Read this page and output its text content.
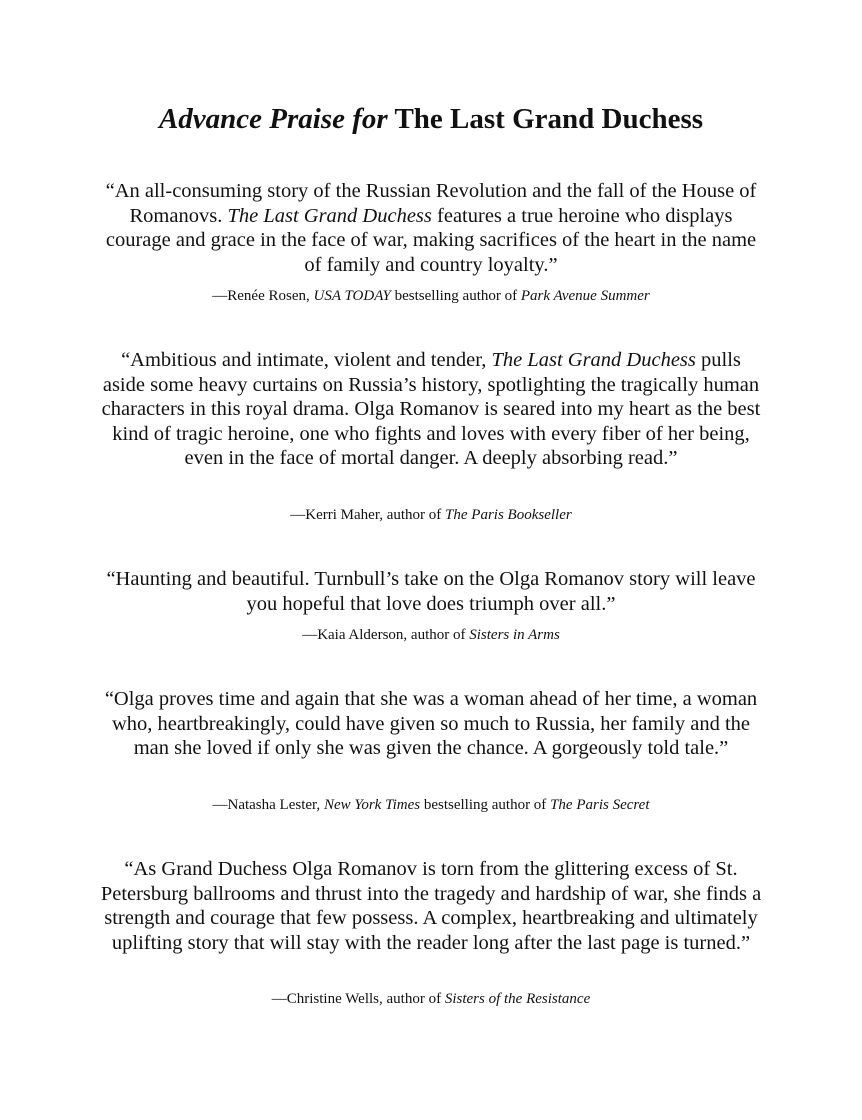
Advance Praise for The Last Grand Duchess

“An all-consuming story of the Russian Revolution and the fall of the House of Romanovs. The Last Grand Duchess features a true heroine who displays courage and grace in the face of war, making sacrifices of the heart in the name of family and country loyalty.”

—Renée Rosen, USA TODAY bestselling author of Park Avenue Summer

“Ambitious and intimate, violent and tender, The Last Grand Duchess pulls aside some heavy curtains on Russia’s history, spotlighting the tragically human characters in this royal drama. Olga Romanov is seared into my heart as the best kind of tragic heroine, one who fights and loves with every fiber of her being, even in the face of mortal danger. A deeply absorbing read.”

—Kerri Maher, author of The Paris Bookseller

“Haunting and beautiful. Turnbull’s take on the Olga Romanov story will leave you hopeful that love does triumph over all.”

—Kaia Alderson, author of Sisters in Arms

“Olga proves time and again that she was a woman ahead of her time, a woman who, heartbreakingly, could have given so much to Russia, her family and the man she loved if only she was given the chance. A gorgeously told tale.”

—Natasha Lester, New York Times bestselling author of The Paris Secret

“As Grand Duchess Olga Romanov is torn from the glittering excess of St. Petersburg ballrooms and thrust into the tragedy and hardship of war, she finds a strength and courage that few possess. A complex, heartbreaking and ultimately uplifting story that will stay with the reader long after the last page is turned.”

—Christine Wells, author of Sisters of the Resistance
